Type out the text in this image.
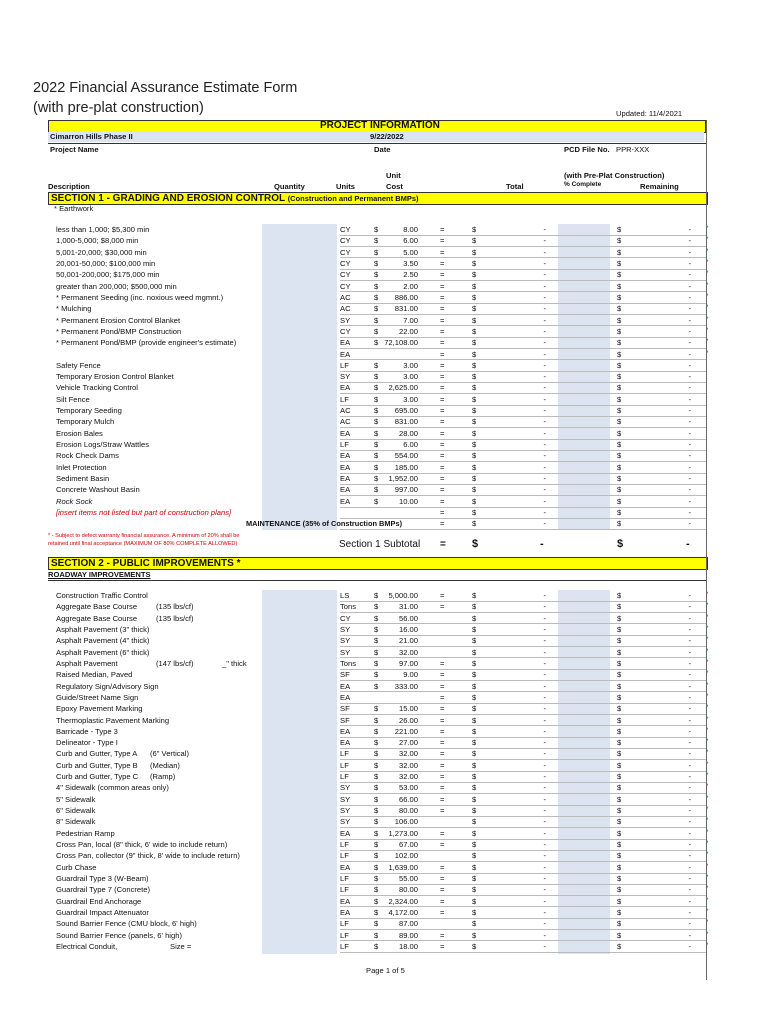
2022 Financial Assurance Estimate Form
(with pre-plat construction)	Updated: 11/4/2021
PROJECT INFORMATION
Cimarron Hills Phase II	9/22/2022
Project Name	Date	PCD File No. PPR-XXX
Unit
Cost
(with Pre-Plat Construction)
Description	Quantity	Units	Total	% Complete	Remaining
SECTION 1 - GRADING AND EROSION CONTROL (Construction and Permanent BMPs)
* Earthwork
less than 1,000; $5,300 min	CY	$	8.00	=	$	-	$	-	*
1,000-5,000; $8,000 min	CY	$	6.00	=	$	-	$	-	*
5,001-20,000; $30,000 min	CY	$	5.00	=	$	-	$	-	*
20,001-50,000; $100,000 min	CY	$	3.50	=	$	-	$	-	*
50,001-200,000; $175,000 min	CY	$	2.50	=	$	-	$	-	*
greater than 200,000; $500,000 min	CY	$	2.00	=	$	-	$	-	*
* Permanent Seeding (inc. noxious weed mgmnt.)	AC	$	886.00	=	$	-	$	-	*
* Mulching	AC	$	831.00	=	$	-	$	-	*
* Permanent Erosion Control Blanket	SY	$	7.00	=	$	-	$	-	*
* Permanent Pond/BMP Construction	CY	$	22.00	=	$	-	$	-	*
* Permanent Pond/BMP (provide engineer's estimate)	EA	$ 72,108.00	=	$	-	$	-	*
EA	=	$	-	$	-	*
Safety Fence	LF	$	3.00	=	$	-	$	-
Temporary Erosion Control Blanket	SY	$	3.00	=	$	-	$	-
Vehicle Tracking Control	EA	$	2,625.00	=	$	-	$	-
Silt Fence	LF	$	3.00	=	$	-	$	-
Temporary Seeding	AC	$	695.00	=	$	-	$	-
Temporary Mulch	AC	$	831.00	=	$	-	$	-
Erosion Bales	EA	$	28.00	=	$	-	$	-
Erosion Logs/Straw Wattles	LF	$	6.00	=	$	-	$	-
Rock Check Dams	EA	$	554.00	=	$	-	$	-
Inlet Protection	EA	$	185.00	=	$	-	$	-
Sediment Basin	EA	$	1,952.00	=	$	-	$	-
Concrete Washout Basin	EA	$	997.00	=	$	-	$	-
Rock Sock	EA	$	10.00	=	$	-	$	-
[insert items not listed but part of construction plans]	=	$	-	$	-
MAINTENANCE (35% of Construction BMPs)	=	$	-	$	-
* - Subject to defect warranty financial assurance. A minimum of 20% shall be retained until final acceptance (MAXIMUM OF 80% COMPLETE ALLOWED)	Section 1 Subtotal = $	-	$	-
SECTION 2 - PUBLIC IMPROVEMENTS *
ROADWAY IMPROVEMENTS
Construction Traffic Control	LS	$	5,000.00	=	$	-	$	-	*
Aggregate Base Course (135 lbs/cf)	Tons $	31.00	=	$	-	$	-	*
Aggregate Base Course (135 lbs/cf)	CY	$	56.00	$	-	$	-	*
Asphalt Pavement (3" thick)	SY	$	16.00	$	-	$	-	*
Asphalt Pavement (4" thick)	SY	$	21.00	$	-	$	-	*
Asphalt Pavement (6" thick)	SY	$	32.00	$	-	$	-	*
Asphalt Pavement	(147 lbs/cf)	_" thick	Tons $	97.00	=	$	-	$	-	*
Raised Median, Paved	SF	$	9.00	=	$	-	$	-	*
Regulatory Sign/Advisory Sign	EA	$	333.00	=	$	-	$	-	*
Guide/Street Name Sign	EA	=	$	-	$	-	*
Epoxy Pavement Marking	SF	$	15.00	=	$	-	$	-	*
Thermoplastic Pavement Marking	SF	$	26.00	=	$	-	$	-	*
Barricade - Type 3	EA	$	221.00	=	$	-	$	-	*
Delineator - Type I	EA	$	27.00	=	$	-	$	-	*
Curb and Gutter, Type A (6" Vertical)	LF	$	32.00	=	$	-	$	-	*
Curb and Gutter, Type B (Median)	LF	$	32.00	=	$	-	$	-	*
Curb and Gutter, Type C (Ramp)	LF	$	32.00	=	$	-	$	-	*
4" Sidewalk (common areas only)	SY	$	53.00	=	$	-	$	-	*
5" Sidewalk	SY	$	66.00	=	$	-	$	-	*
6" Sidewalk	SY	$	80.00	=	$	-	$	-	*
8" Sidewalk	SY	$	106.00	$	-	$	-	*
Pedestrian Ramp	EA	$	1,273.00	=	$	-	$	-	*
Cross Pan, local (8" thick, 6' wide to include return)	LF	$	67.00	=	$	-	$	-	*
Cross Pan, collector (9" thick, 8' wide to include return)	LF	$	102.00	$	-	$	-	*
Curb Chase	EA	$	1,639.00	=	$	-	$	-	*
Guardrail Type 3 (W-Beam)	LF	$	55.00	=	$	-	$	-	*
Guardrail Type 7 (Concrete)	LF	$	80.00	=	$	-	$	-	*
Guardrail End Anchorage	EA	$	2,324.00	=	$	-	$	-	*
Guardrail Impact Attenuator	EA	$	4,172.00	=	$	-	$	-	*
Sound Barrier Fence (CMU block, 6' high)	LF	$	87.00	$	-	$	-	*
Sound Barrier Fence (panels, 6' high)	LF	$	89.00	=	$	-	$	-	*
Electrical Conduit,	Size =	LF	$	18.00	=	$	-	$	-	*
Page 1 of 5
